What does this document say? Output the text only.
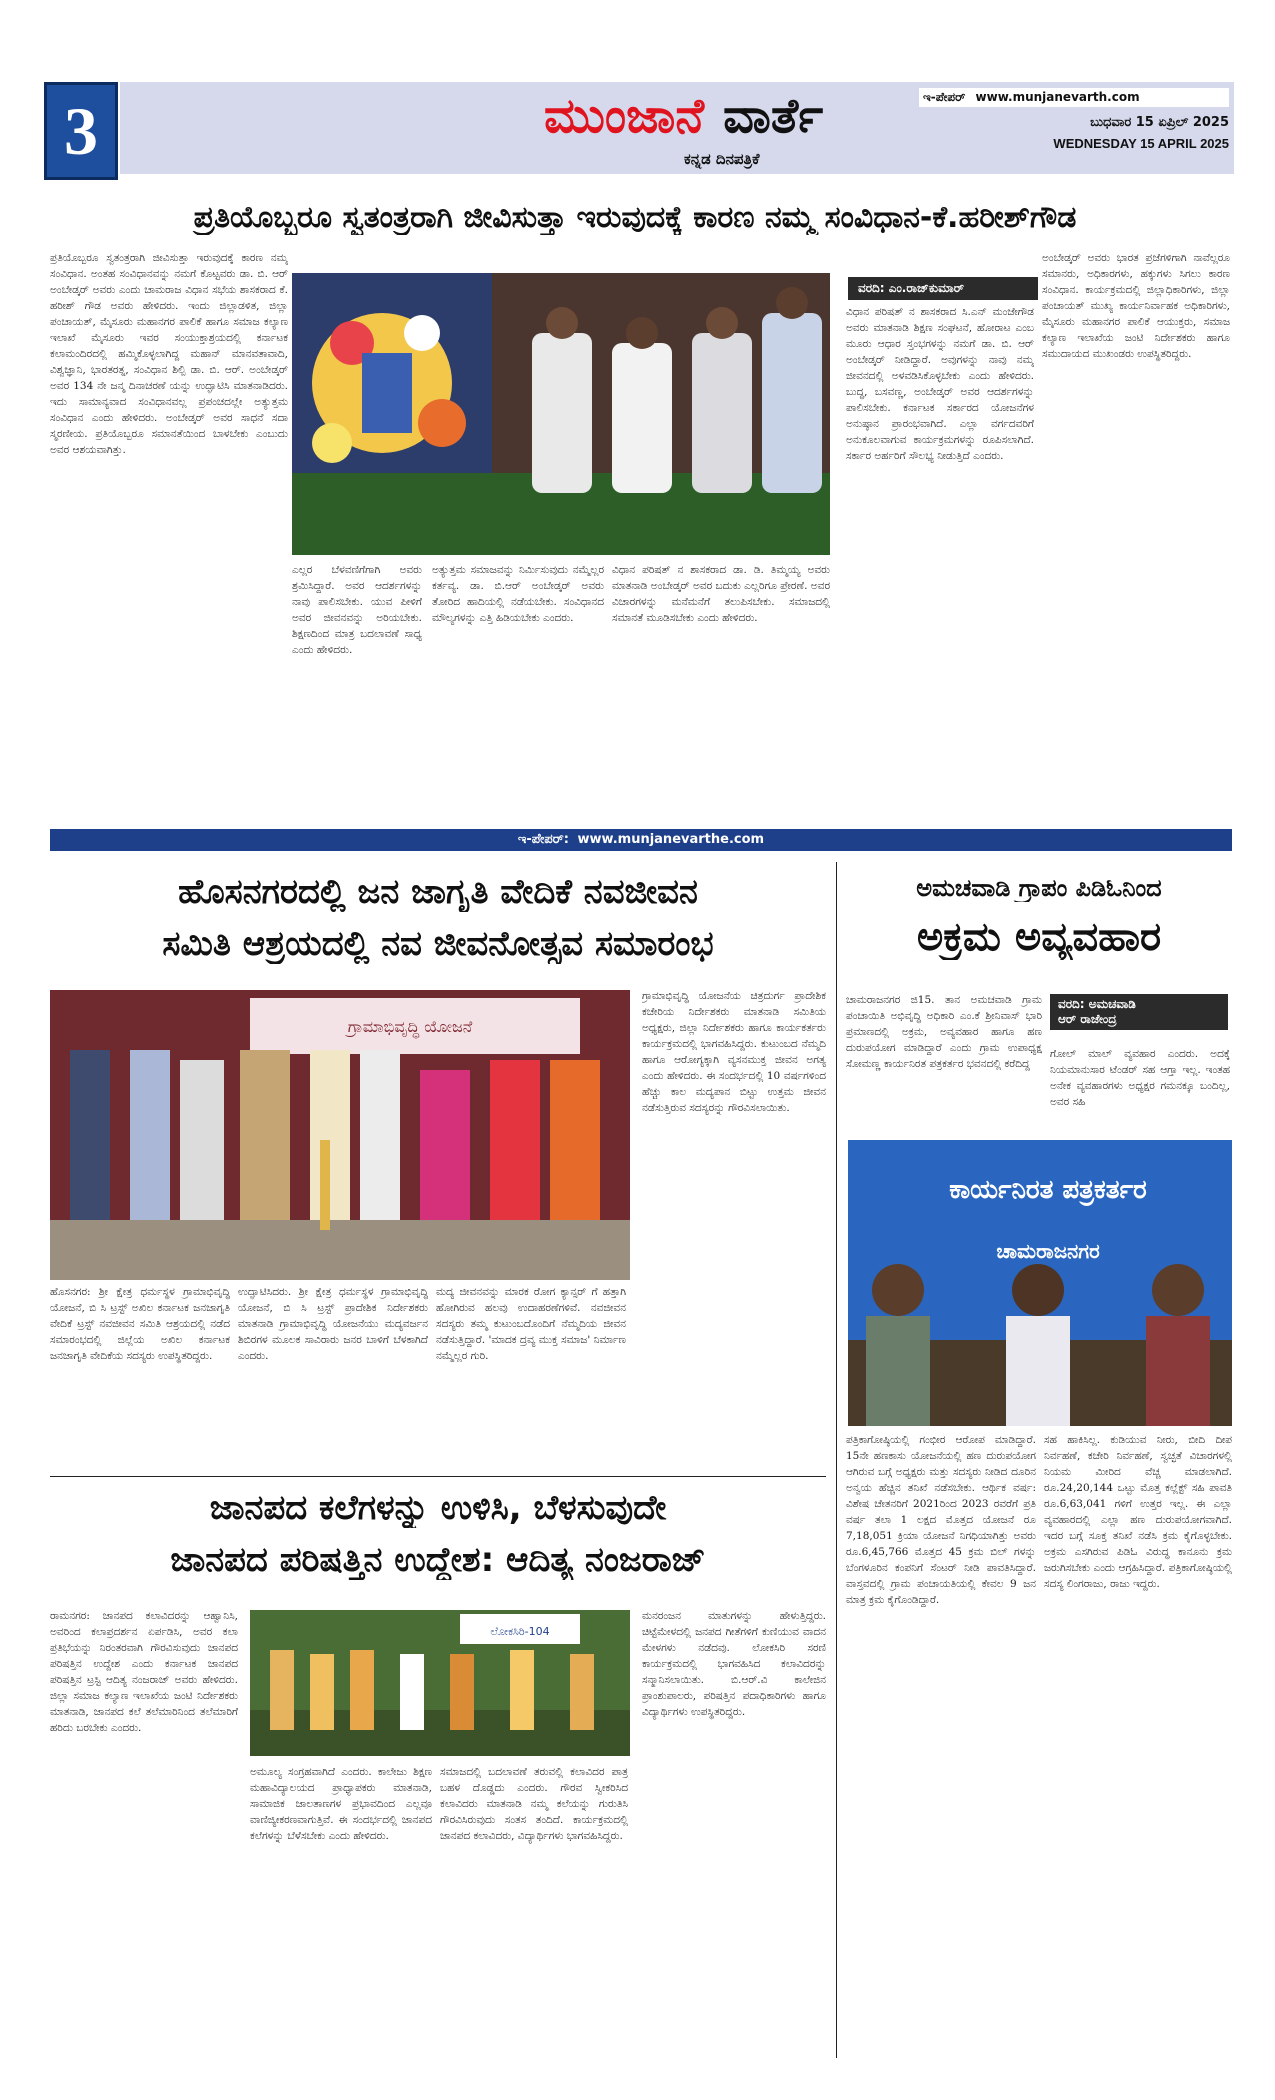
3	ಮುಂಜಾನೆ ವಾರ್ತೆ
ಕನ್ನಡ ದಿನಪತ್ರಿಕೆ
ಇ-ಪೇಪರ್ www.munjanevarth.com
ಬುಧವಾರ 15 ಏಪ್ರಿಲ್ 2025
WEDNESDAY 15 APRIL 2025
ಪ್ರತಿಯೊಬ್ಬರೂ ಸ್ವತಂತ್ರರಾಗಿ ಜೀವಿಸುತ್ತಾ ಇರುವುದಕ್ಕೆ ಕಾರಣ ನಮ್ಮ ಸಂವಿಧಾನ-ಕೆ.ಹರೀಶ್‌ಗೌಡ
ಪ್ರತಿಯೊಬ್ಬರೂ ಸ್ವತಂತ್ರರಾಗಿ ಜೀವಿಸುತ್ತಾ ಇರುವುದಕ್ಕೆ ಕಾರಣ ನಮ್ಮ ಸಂವಿಧಾನ. ಅಂತಹ ಸಂವಿಧಾನವನ್ನು ನಮಗೆ ಕೊಟ್ಟವರು ಡಾ. ಬಿ. ಆರ್ ಅಂಬೇಡ್ಕರ್ ಅವರು ಎಂದು ಚಾಮರಾಜ ವಿಧಾನ ಸಭೆಯ ಶಾಸಕರಾದ ಕೆ. ಹರೀಶ್ ಗೌಡ ಅವರು ಹೇಳಿದರು. ಇಂದು ಜಿಲ್ಲಾಡಳಿತ, ಜಿಲ್ಲಾ ಪಂಚಾಯತ್, ಮೈಸೂರು ಮಹಾನಗರ ಪಾಲಿಕೆ ಹಾಗೂ ಸಮಾಜ ಕಲ್ಯಾಣ ಇಲಾಖೆ ಮೈಸೂರು ಇವರ ಸಂಯುಕ್ತಾಶ್ರಯದಲ್ಲಿ ಕರ್ನಾಟಕ ಕಲಾಮಂದಿರದಲ್ಲಿ ಹಮ್ಮಿಕೊಳ್ಳಲಾಗಿದ್ದ ಮಹಾನ್ ಮಾನವತಾವಾದಿ, ವಿಶ್ವಜ್ಞಾನಿ, ಭಾರತರತ್ನ, ಸಂವಿಧಾನ ಶಿಲ್ಪಿ ಡಾ. ಬಿ. ಆರ್. ಅಂಬೇಡ್ಕರ್ ಅವರ 134 ನೇ ಜನ್ಮ ದಿನಾಚರಣೆ ಯನ್ನು ಉದ್ಘಾಟಿಸಿ ಮಾತನಾಡಿದರು. ಇದು ಸಾಮಾನ್ಯವಾದ ಸಂವಿಧಾನವಲ್ಲ ಪ್ರಪಂಚದಲ್ಲೇ ಅತ್ಯುತ್ತಮ ಸಂವಿಧಾನ ಎಂದು ಹೇಳಿದರು. ಅಂಬೇಡ್ಕರ್ ಅವರ ಸಾಧನೆ ಸದಾ ಸ್ಮರಣೀಯ. ಪ್ರತಿಯೊಬ್ಬರೂ ಸಮಾನತೆಯಿಂದ ಬಾಳಬೇಕು ಎಂಬುದು ಅವರ ಆಶಯವಾಗಿತ್ತು.
ಎಲ್ಲರ ಬೆಳವಣಿಗೆಗಾಗಿ ಅವರು ಶ್ರಮಿಸಿದ್ದಾರೆ. ಅವರ ಆದರ್ಶಗಳನ್ನು ನಾವು ಪಾಲಿಸಬೇಕು. ಯುವ ಪೀಳಿಗೆ ಅವರ ಜೀವನವನ್ನು ಅರಿಯಬೇಕು. ಶಿಕ್ಷಣದಿಂದ ಮಾತ್ರ ಬದಲಾವಣೆ ಸಾಧ್ಯ ಎಂದು ಹೇಳಿದರು.
ಅತ್ಯುತ್ತಮ ಸಮಾಜವನ್ನು ನಿರ್ಮಿಸುವುದು ನಮ್ಮೆಲ್ಲರ ಕರ್ತವ್ಯ. ಡಾ. ಬಿ.ಆರ್ ಅಂಬೇಡ್ಕರ್ ಅವರು ತೋರಿದ ಹಾದಿಯಲ್ಲಿ ನಡೆಯಬೇಕು. ಸಂವಿಧಾನದ ಮೌಲ್ಯಗಳನ್ನು ಎತ್ತಿ ಹಿಡಿಯಬೇಕು ಎಂದರು.
ವಿಧಾನ ಪರಿಷತ್ ನ ಶಾಸಕರಾದ ಡಾ. ಡಿ. ತಿಮ್ಮಯ್ಯ ಅವರು ಮಾತನಾಡಿ ಅಂಬೇಡ್ಕರ್ ಅವರ ಬದುಕು ಎಲ್ಲರಿಗೂ ಪ್ರೇರಣೆ. ಅವರ ವಿಚಾರಗಳನ್ನು ಮನೆಮನೆಗೆ ತಲುಪಿಸಬೇಕು. ಸಮಾಜದಲ್ಲಿ ಸಮಾನತೆ ಮೂಡಿಸಬೇಕು ಎಂದು ಹೇಳಿದರು.
ವರದಿ: ಎಂ.ರಾಜ್‌ಕುಮಾರ್
ವಿಧಾನ ಪರಿಷತ್ ನ ಶಾಸಕರಾದ ಸಿ.ಎನ್ ಮಂಜೇಗೌಡ ಅವರು ಮಾತನಾಡಿ ಶಿಕ್ಷಣ ಸಂಘಟನೆ, ಹೋರಾಟ ಎಂಬ ಮೂರು ಆಧಾರ ಸ್ತಂಭಗಳನ್ನು ನಮಗೆ ಡಾ. ಬಿ. ಆರ್ ಅಂಬೇಡ್ಕರ್ ನೀಡಿದ್ದಾರೆ. ಅವುಗಳನ್ನು ನಾವು ನಮ್ಮ ಜೀವನದಲ್ಲಿ ಅಳವಡಿಸಿಕೊಳ್ಳಬೇಕು ಎಂದು ಹೇಳಿದರು. ಬುದ್ಧ, ಬಸವಣ್ಣ, ಅಂಬೇಡ್ಕರ್ ಅವರ ಆದರ್ಶಗಳನ್ನು ಪಾಲಿಸಬೇಕು. ಕರ್ನಾಟಕ ಸರ್ಕಾರದ ಯೋಜನೆಗಳ ಅನುಷ್ಠಾನ ಪ್ರಾರಂಭವಾಗಿದೆ. ಎಲ್ಲಾ ವರ್ಗದವರಿಗೆ ಅನುಕೂಲವಾಗುವ ಕಾರ್ಯಕ್ರಮಗಳನ್ನು ರೂಪಿಸಲಾಗಿದೆ. ಸರ್ಕಾರ ಅರ್ಹರಿಗೆ ಸೌಲಭ್ಯ ನೀಡುತ್ತಿದೆ ಎಂದರು.
ಅಂಬೇಡ್ಕರ್ ಅವರು ಭಾರತ ಪ್ರಜೆಗಳಿಗಾಗಿ ನಾವೆಲ್ಲರೂ ಸಮಾನರು, ಅಧಿಕಾರಗಳು, ಹಕ್ಕುಗಳು ಸಿಗಲು ಕಾರಣ ಸಂವಿಧಾನ. ಕಾರ್ಯಕ್ರಮದಲ್ಲಿ ಜಿಲ್ಲಾಧಿಕಾರಿಗಳು, ಜಿಲ್ಲಾ ಪಂಚಾಯತ್ ಮುಖ್ಯ ಕಾರ್ಯನಿರ್ವಾಹಕ ಅಧಿಕಾರಿಗಳು, ಮೈಸೂರು ಮಹಾನಗರ ಪಾಲಿಕೆ ಆಯುಕ್ತರು, ಸಮಾಜ ಕಲ್ಯಾಣ ಇಲಾಖೆಯ ಜಂಟಿ ನಿರ್ದೇಶಕರು ಹಾಗೂ ಸಮುದಾಯದ ಮುಖಂಡರು ಉಪಸ್ಥಿತರಿದ್ದರು.
ಇ-ಪೇಪರ್: www.munjanevarthe.com
ಹೊಸನಗರದಲ್ಲಿ ಜನ ಜಾಗೃತಿ ವೇದಿಕೆ ನವಜೀವನ
ಸಮಿತಿ ಆಶ್ರಯದಲ್ಲಿ ನವ ಜೀವನೋತ್ಸವ ಸಮಾರಂಭ
ಗ್ರಾಮಾಭಿವೃದ್ಧಿ ಯೋಜನೆ
ಹೊಸನಗರ: ಶ್ರೀ ಕ್ಷೇತ್ರ ಧರ್ಮಸ್ಥಳ ಗ್ರಾಮಾಭಿವೃದ್ಧಿ ಯೋಜನೆ, ಬಿ ಸಿ ಟ್ರಸ್ಟ್ ಅಖಿಲ ಕರ್ನಾಟಕ ಜನಜಾಗೃತಿ ವೇದಿಕೆ ಟ್ರಸ್ಟ್ ನವಜೀವನ ಸಮಿತಿ ಆಶ್ರಯದಲ್ಲಿ ನಡೆದ ಸಮಾರಂಭದಲ್ಲಿ ಜಿಲ್ಲೆಯ ಅಖಿಲ ಕರ್ನಾಟಕ ಜನಜಾಗೃತಿ ವೇದಿಕೆಯ ಸದಸ್ಯರು ಉಪಸ್ಥಿತರಿದ್ದರು.
ಉದ್ಘಾಟಿಸಿದರು. ಶ್ರೀ ಕ್ಷೇತ್ರ ಧರ್ಮಸ್ಥಳ ಗ್ರಾಮಾಭಿವೃದ್ಧಿ ಯೋಜನೆ, ಬಿ ಸಿ ಟ್ರಸ್ಟ್ ಪ್ರಾದೇಶಿಕ ನಿರ್ದೇಶಕರು ಮಾತನಾಡಿ ಗ್ರಾಮಾಭಿವೃದ್ಧಿ ಯೋಜನೆಯು ಮದ್ಯವರ್ಜನ ಶಿಬಿರಗಳ ಮೂಲಕ ಸಾವಿರಾರು ಜನರ ಬಾಳಿಗೆ ಬೆಳಕಾಗಿದೆ ಎಂದರು.
ಮದ್ಯ ಜೀವನವನ್ನು ಮಾರಕ ರೋಗ ಕ್ಯಾನ್ಸರ್ ಗೆ ಹತ್ತಾಗಿ ಹೋಗಿರುವ ಹಲವು ಉದಾಹರಣೆಗಳಿವೆ. ನವಜೀವನ ಸದಸ್ಯರು ತಮ್ಮ ಕುಟುಂಬದೊಂದಿಗೆ ನೆಮ್ಮದಿಯ ಜೀವನ ನಡೆಸುತ್ತಿದ್ದಾರೆ. 'ಮಾದಕ ದ್ರವ್ಯ ಮುಕ್ತ ಸಮಾಜ' ನಿರ್ಮಾಣ ನಮ್ಮೆಲ್ಲರ ಗುರಿ.
ಗ್ರಾಮಾಭಿವೃದ್ಧಿ ಯೋಜನೆಯ ಚಿತ್ರದುರ್ಗ ಪ್ರಾದೇಶಿಕ ಕಚೇರಿಯ ನಿರ್ದೇಶಕರು ಮಾತನಾಡಿ ಸಮಿತಿಯ ಅಧ್ಯಕ್ಷರು, ಜಿಲ್ಲಾ ನಿರ್ದೇಶಕರು ಹಾಗೂ ಕಾರ್ಯಕರ್ತರು ಕಾರ್ಯಕ್ರಮದಲ್ಲಿ ಭಾಗವಹಿಸಿದ್ದರು. ಕುಟುಂಬದ ನೆಮ್ಮದಿ ಹಾಗೂ ಆರೋಗ್ಯಕ್ಕಾಗಿ ವ್ಯಸನಮುಕ್ತ ಜೀವನ ಅಗತ್ಯ ಎಂದು ಹೇಳಿದರು. ಈ ಸಂದರ್ಭದಲ್ಲಿ 10 ವರ್ಷಗಳಿಂದ ಹೆಚ್ಚು ಕಾಲ ಮದ್ಯಪಾನ ಬಿಟ್ಟು ಉತ್ತಮ ಜೀವನ ನಡೆಸುತ್ತಿರುವ ಸದಸ್ಯರನ್ನು ಗೌರವಿಸಲಾಯಿತು.
ಜಾನಪದ ಕಲೆಗಳನ್ನು ಉಳಿಸಿ, ಬೆಳಸುವುದೇ
ಜಾನಪದ ಪರಿಷತ್ತಿನ ಉದ್ದೇಶ: ಆದಿತ್ಯ ನಂಜರಾಜ್
ರಾಮನಗರ: ಜಾನಪದ ಕಲಾವಿದರನ್ನು ಆಹ್ವಾನಿಸಿ, ಅವರಿಂದ ಕಲಾಪ್ರದರ್ಶನ ಏರ್ಪಡಿಸಿ, ಅವರ ಕಲಾ ಪ್ರತಿಭೆಯನ್ನು ನಿರಂತರವಾಗಿ ಗೌರವಿಸುವುದು ಜಾನಪದ ಪರಿಷತ್ತಿನ ಉದ್ದೇಶ ಎಂದು ಕರ್ನಾಟಕ ಜಾನಪದ ಪರಿಷತ್ತಿನ ಟ್ರಸ್ಟಿ ಆದಿತ್ಯ ನಂಜರಾಜ್ ಅವರು ಹೇಳಿದರು. ಜಿಲ್ಲಾ ಸಮಾಜ ಕಲ್ಯಾಣ ಇಲಾಖೆಯ ಜಂಟಿ ನಿರ್ದೇಶಕರು ಮಾತನಾಡಿ, ಜಾನಪದ ಕಲೆ ತಲೆಮಾರಿನಿಂದ ತಲೆಮಾರಿಗೆ ಹರಿದು ಬರಬೇಕು ಎಂದರು.
ಲೋಕಸಿರಿ-104
ಅಮೂಲ್ಯ ಸಂಗ್ರಹವಾಗಿದೆ ಎಂದರು. ಕಾಲೇಜು ಶಿಕ್ಷಣ ಮಹಾವಿದ್ಯಾಲಯದ ಪ್ರಾಧ್ಯಾಪಕರು ಮಾತನಾಡಿ, ಸಾಮಾಜಿಕ ಜಾಲತಾಣಗಳ ಪ್ರಭಾವದಿಂದ ಎಲ್ಲವೂ ವಾಣಿಜ್ಯೀಕರಣವಾಗುತ್ತಿವೆ. ಈ ಸಂದರ್ಭದಲ್ಲಿ ಜಾನಪದ ಕಲೆಗಳನ್ನು ಬೆಳೆಸಬೇಕು ಎಂದು ಹೇಳಿದರು.
ಸಮಾಜದಲ್ಲಿ ಬದಲಾವಣೆ ತರುವಲ್ಲಿ ಕಲಾವಿದರ ಪಾತ್ರ ಬಹಳ ದೊಡ್ಡದು ಎಂದರು. ಗೌರವ ಸ್ವೀಕರಿಸಿದ ಕಲಾವಿದರು ಮಾತನಾಡಿ ನಮ್ಮ ಕಲೆಯನ್ನು ಗುರುತಿಸಿ ಗೌರವಿಸಿರುವುದು ಸಂತಸ ತಂದಿದೆ. ಕಾರ್ಯಕ್ರಮದಲ್ಲಿ ಜಾನಪದ ಕಲಾವಿದರು, ವಿದ್ಯಾರ್ಥಿಗಳು ಭಾಗವಹಿಸಿದ್ದರು.
ಮನರಂಜನ ಮಾತುಗಳನ್ನು ಹೇಳುತ್ತಿದ್ದರು. ಚಿಟ್ಟೆಮೇಳದಲ್ಲಿ ಜನಪದ ಗೀತೆಗಳಿಗೆ ಕುಣಿಯುವ ವಾದನ ಮೇಳಗಳು ನಡೆದವು. ಲೋಕಸಿರಿ ಸರಣಿ ಕಾರ್ಯಕ್ರಮದಲ್ಲಿ ಭಾಗವಹಿಸಿದ ಕಲಾವಿದರನ್ನು ಸನ್ಮಾನಿಸಲಾಯಿತು. ಬಿ.ಆರ್.ವಿ ಕಾಲೇಜಿನ ಪ್ರಾಂಶುಪಾಲರು, ಪರಿಷತ್ತಿನ ಪದಾಧಿಕಾರಿಗಳು ಹಾಗೂ ವಿದ್ಯಾರ್ಥಿಗಳು ಉಪಸ್ಥಿತರಿದ್ದರು.
ಅಮಚವಾಡಿ ಗ್ರಾಪಂ ಪಿಡಿಓನಿಂದ
ಅಕ್ರಮ ಅವ್ಯವಹಾರ
ಚಾಮರಾಜನಗರ ಜಿ15. ತಾನ ಅಮಚವಾಡಿ ಗ್ರಾಮ ಪಂಚಾಯಿತಿ ಅಭಿವೃದ್ಧಿ ಅಧಿಕಾರಿ ಎಂ.ಕೆ ಶ್ರೀನಿವಾಸ್ ಭಾರಿ ಪ್ರಮಾಣದಲ್ಲಿ ಅಕ್ರಮ, ಅವ್ಯವಹಾರ ಹಾಗೂ ಹಣ ದುರುಪಯೋಗ ಮಾಡಿದ್ದಾರೆ ಎಂದು ಗ್ರಾಮ ಉಪಾಧ್ಯಕ್ಷ ಸೋಮಣ್ಣ ಕಾರ್ಯನಿರತ ಪತ್ರಕರ್ತರ ಭವನದಲ್ಲಿ ಕರೆದಿದ್ದ
ವರದಿ: ಅಮಚವಾಡಿ
ಆರ್ ರಾಜೇಂದ್ರ
ಗೋಲ್ ಮಾಲ್ ವ್ಯವಹಾರ ಎಂದರು. ಅದಕ್ಕೆ ನಿಯಮಾನುಸಾರ ಟೆಂಡರ್ ಸಹ ಆಗ್ತಾ ಇಲ್ಲ. ಇಂತಹ ಅನೇಕ ವ್ಯವಹಾರಗಳು ಅಧ್ಯಕ್ಷರ ಗಮನಕ್ಕೂ ಬಂದಿಲ್ಲ, ಅವರ ಸಹಿ
ಕಾರ್ಯನಿರತ ಪತ್ರಕರ್ತರ
ಚಾಮರಾಜನಗರ
ಪತ್ರಿಕಾಗೋಷ್ಠಿಯಲ್ಲಿ ಗಂಭೀರ ಆರೋಪ ಮಾಡಿದ್ದಾರೆ. 15ನೇ ಹಣಕಾಸು ಯೋಜನೆಯಲ್ಲಿ ಹಣ ದುರುಪಯೋಗ ಆಗಿರುವ ಬಗ್ಗೆ ಅಧ್ಯಕ್ಷರು ಮತ್ತು ಸದಸ್ಯರು ನೀಡಿದ ದೂರಿನ ಅನ್ವಯ ಹೆಚ್ಚಿನ ತನಿಖೆ ನಡೆಸಬೇಕು. ಆರ್ಥಿಕ ವರ್ಷ: ವಿಶೇಷ ಚೇತನರಿಗೆ 2021ರಿಂದ 2023 ರವರೆಗೆ ಪ್ರತಿ ವರ್ಷ ತಲಾ 1 ಲಕ್ಷದ ಮೊತ್ತದ ಯೋಜನೆ ರೂ 7,18,051 ಕ್ರಿಯಾ ಯೋಜನೆ ನಿಗಧಿಯಾಗಿತ್ತು ಅವರು ರೂ.6,45,766 ಮೊತ್ತದ 45 ಕ್ರಮ ಬಿಲ್ ಗಳನ್ನು ಬೆಂಗಳೂರಿನ ಕಂಪನಿಗೆ ಸೆಂಟರ್ ನೀಡಿ ಪಾವತಿಸಿದ್ದಾರೆ. ವಾಸ್ತವದಲ್ಲಿ ಗ್ರಾಮ ಪಂಚಾಯತಿಯಲ್ಲಿ ಕೇವಲ 9 ಜನ ಮಾತ್ರ ಕ್ರಮ ಕೈಗೊಂಡಿದ್ದಾರೆ.
ಸಹ ಹಾಕಿಸಿಲ್ಲ. ಕುಡಿಯುವ ನೀರು, ಬೀದಿ ದೀಪ ನಿರ್ವಹಣೆ, ಕಚೇರಿ ನಿರ್ವಹಣೆ, ಸ್ವಚ್ಛತೆ ವಿಚಾರಗಳಲ್ಲಿ ನಿಯಮ ಮೀರಿದ ವೆಚ್ಚ ಮಾಡಲಾಗಿದೆ. ರೂ.24,20,144 ಒಟ್ಟು ಮೊತ್ತ ಕಲ್ಲೆಕ್ಟ್ ಸಹಿ ಪಾವತಿ ರೂ.6,63,041 ಗಳಿಗೆ ಉತ್ತರ ಇಲ್ಲ. ಈ ಎಲ್ಲಾ ವ್ಯವಹಾರದಲ್ಲಿ ಎಲ್ಲಾ ಹಣ ದುರುಪಯೋಗವಾಗಿದೆ. ಇದರ ಬಗ್ಗೆ ಸೂಕ್ತ ತನಿಖೆ ನಡೆಸಿ ಕ್ರಮ ಕೈಗೊಳ್ಳಬೇಕು. ಅಕ್ರಮ ಎಸಗಿರುವ ಪಿಡಿಓ ವಿರುದ್ಧ ಕಾನೂನು ಕ್ರಮ ಜರುಗಿಸಬೇಕು ಎಂದು ಆಗ್ರಹಿಸಿದ್ದಾರೆ. ಪತ್ರಿಕಾಗೋಷ್ಠಿಯಲ್ಲಿ ಸದಸ್ಯ ಲಿಂಗರಾಜು, ರಾಜು ಇದ್ದರು.
